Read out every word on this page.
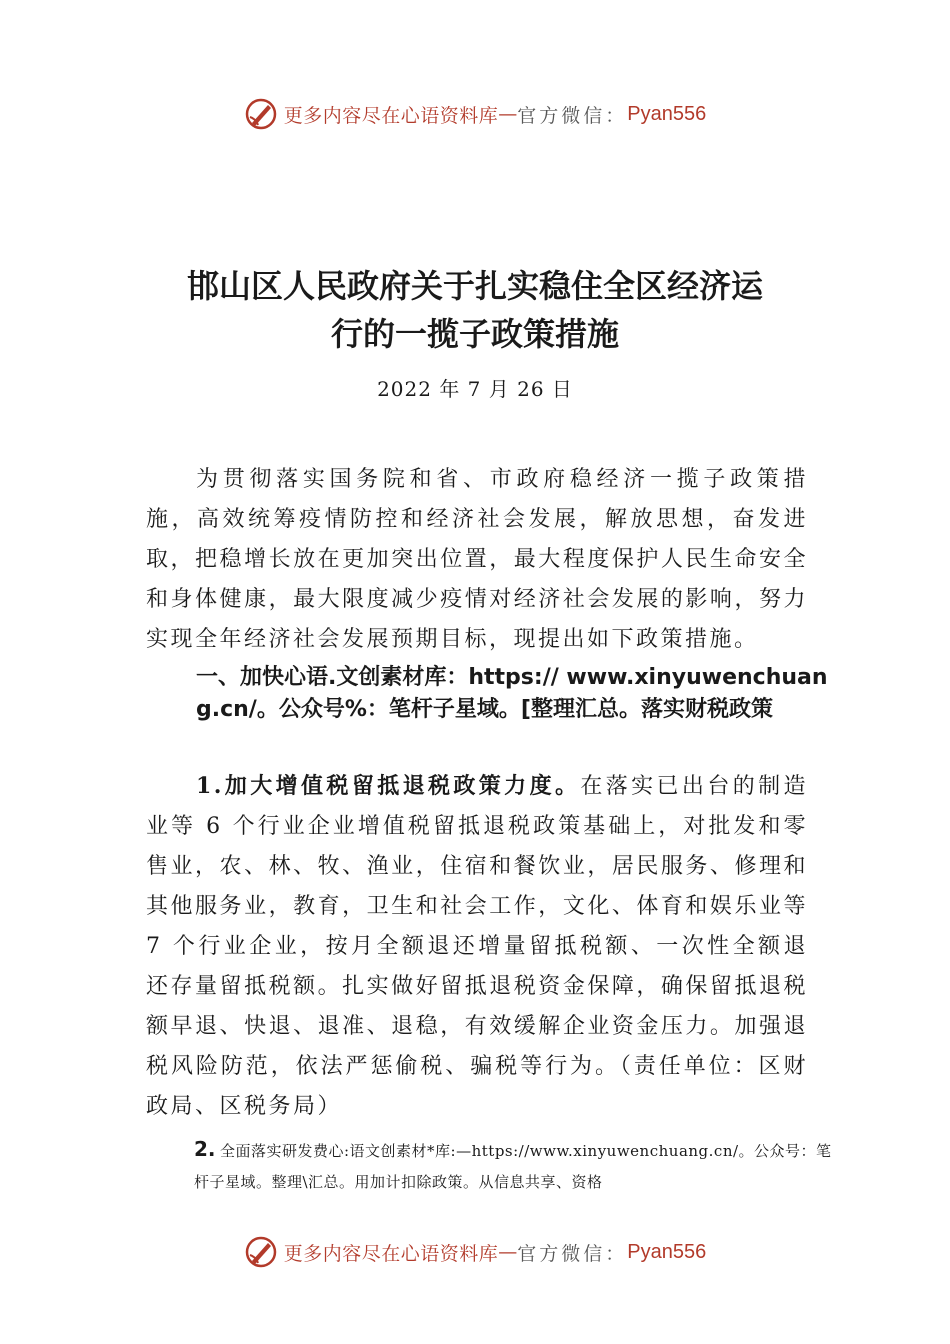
更多内容尽在心语资料库 — 官方微信： Pyan556
邯山区人民政府关于扎实稳住全区经济运
行的一揽子政策措施
2022 年 7 月 26 日
为贯彻落实国务院和省、市政府稳经济一揽子政策措施，高效统筹疫情防控和经济社会发展，解放思想，奋发进取，把稳增长放在更加突出位置，最大程度保护人民生命安全和身体健康，最大限度减少疫情对经济社会发展的影响，努力实现全年经济社会发展预期目标，现提出如下政策措施。
一、加快心语.文创素材库：https:// www.xinyuwenchuang.cn/。公众号%：笔杆子星域。[整理汇总。落实财税政策
1.加大增值税留抵退税政策力度。在落实已出台的制造业等 6 个行业企业增值税留抵退税政策基础上，对批发和零售业，农、林、牧、渔业，住宿和餐饮业，居民服务、修理和其他服务业，教育，卫生和社会工作，文化、体育和娱乐业等 7 个行业企业，按月全额退还增量留抵税额、一次性全额退还存量留抵税额。扎实做好留抵退税资金保障，确保留抵退税额早退、快退、退准、退稳，有效缓解企业资金压力。加强退税风险防范，依法严惩偷税、骗税等行为。（责任单位：区财政局、区税务局）
2. 全面落实研发费心:语文创素材*库:—https://www.xinyuwenchuang.cn/。公众号：笔杆子星域。整理\汇总。用加计扣除政策。从信息共享、资格
更多内容尽在心语资料库 — 官方微信： Pyan556
